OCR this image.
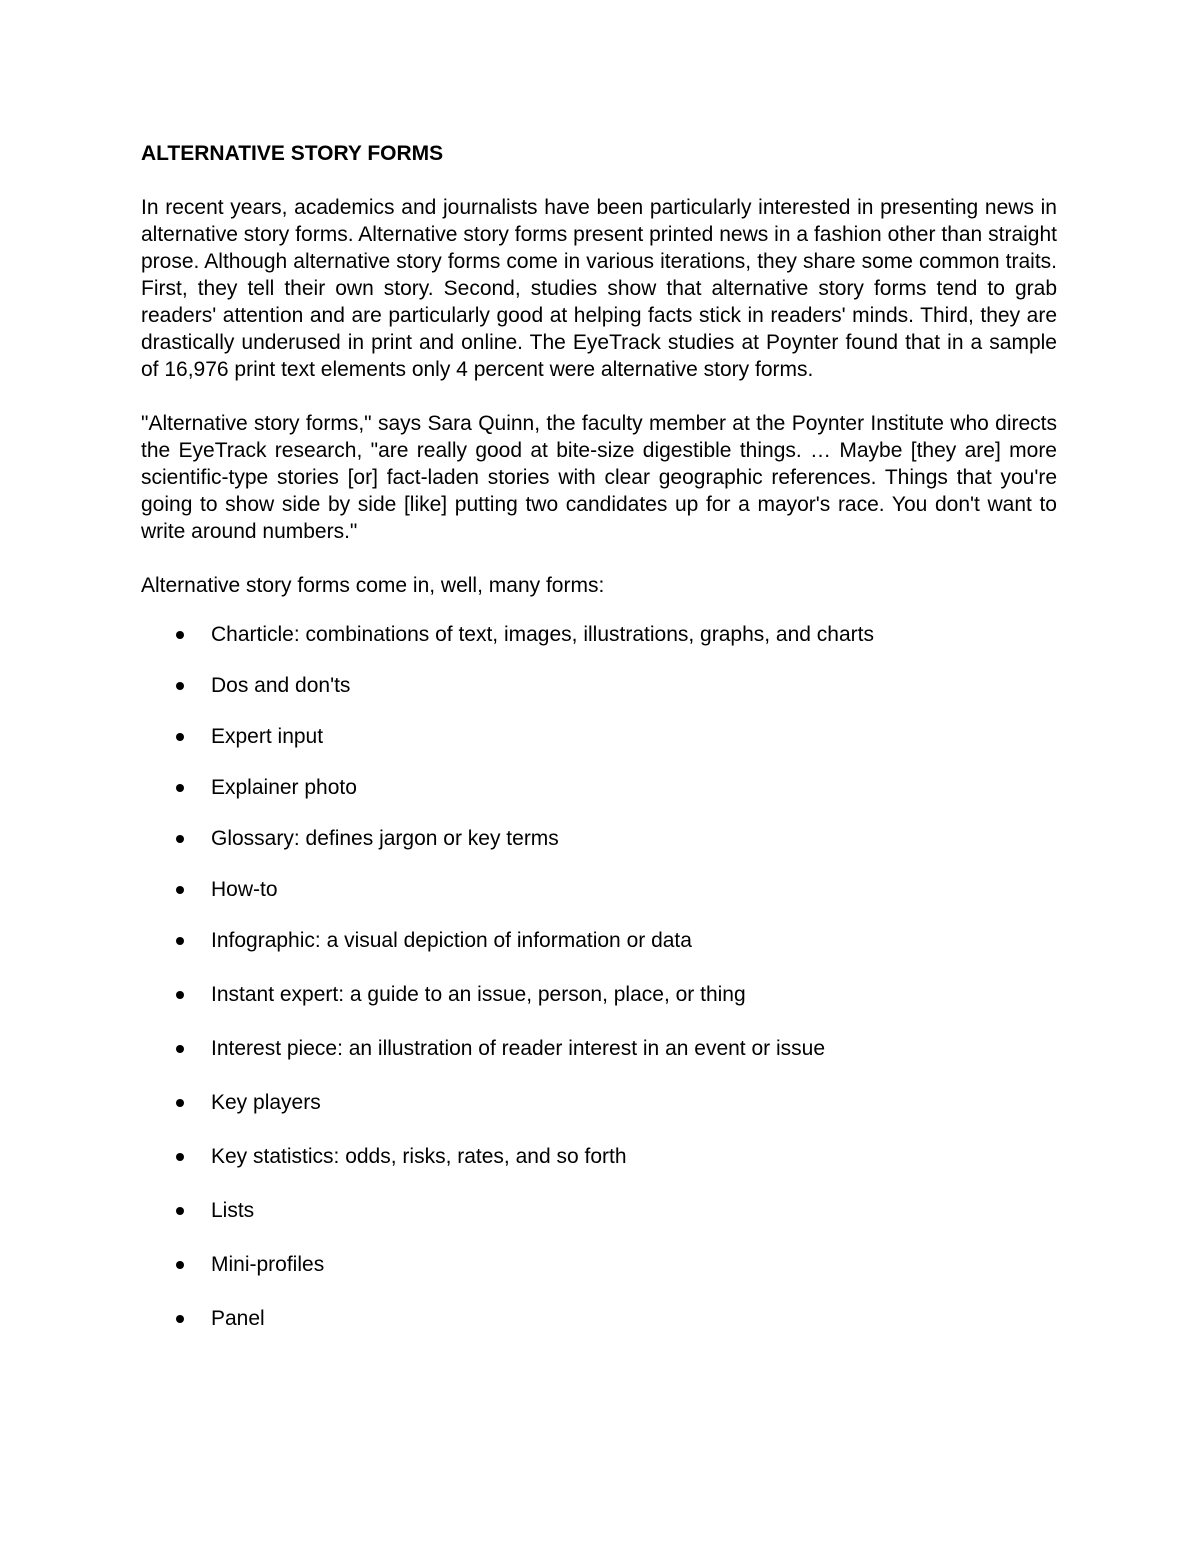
ALTERNATIVE STORY FORMS

In recent years, academics and journalists have been particularly interested in presenting news in alternative story forms. Alternative story forms present printed news in a fashion other than straight prose. Although alternative story forms come in various iterations, they share some common traits. First, they tell their own story. Second, studies show that alternative story forms tend to grab readers' attention and are particularly good at helping facts stick in readers' minds. Third, they are drastically underused in print and online. The EyeTrack studies at Poynter found that in a sample of 16,976 print text elements only 4 percent were alternative story forms.

"Alternative story forms," says Sara Quinn, the faculty member at the Poynter Institute who directs the EyeTrack research, "are really good at bite-size digestible things. … Maybe [they are] more scientific-type stories [or] fact-laden stories with clear geographic references. Things that you're going to show side by side [like] putting two candidates up for a mayor's race. You don't want to write around numbers."

Alternative story forms come in, well, many forms:

Charticle: combinations of text, images, illustrations, graphs, and charts
Dos and don'ts
Expert input
Explainer photo
Glossary: defines jargon or key terms
How-to
Infographic: a visual depiction of information or data
Instant expert: a guide to an issue, person, place, or thing
Interest piece: an illustration of reader interest in an event or issue
Key players
Key statistics: odds, risks, rates, and so forth
Lists
Mini-profiles
Panel
